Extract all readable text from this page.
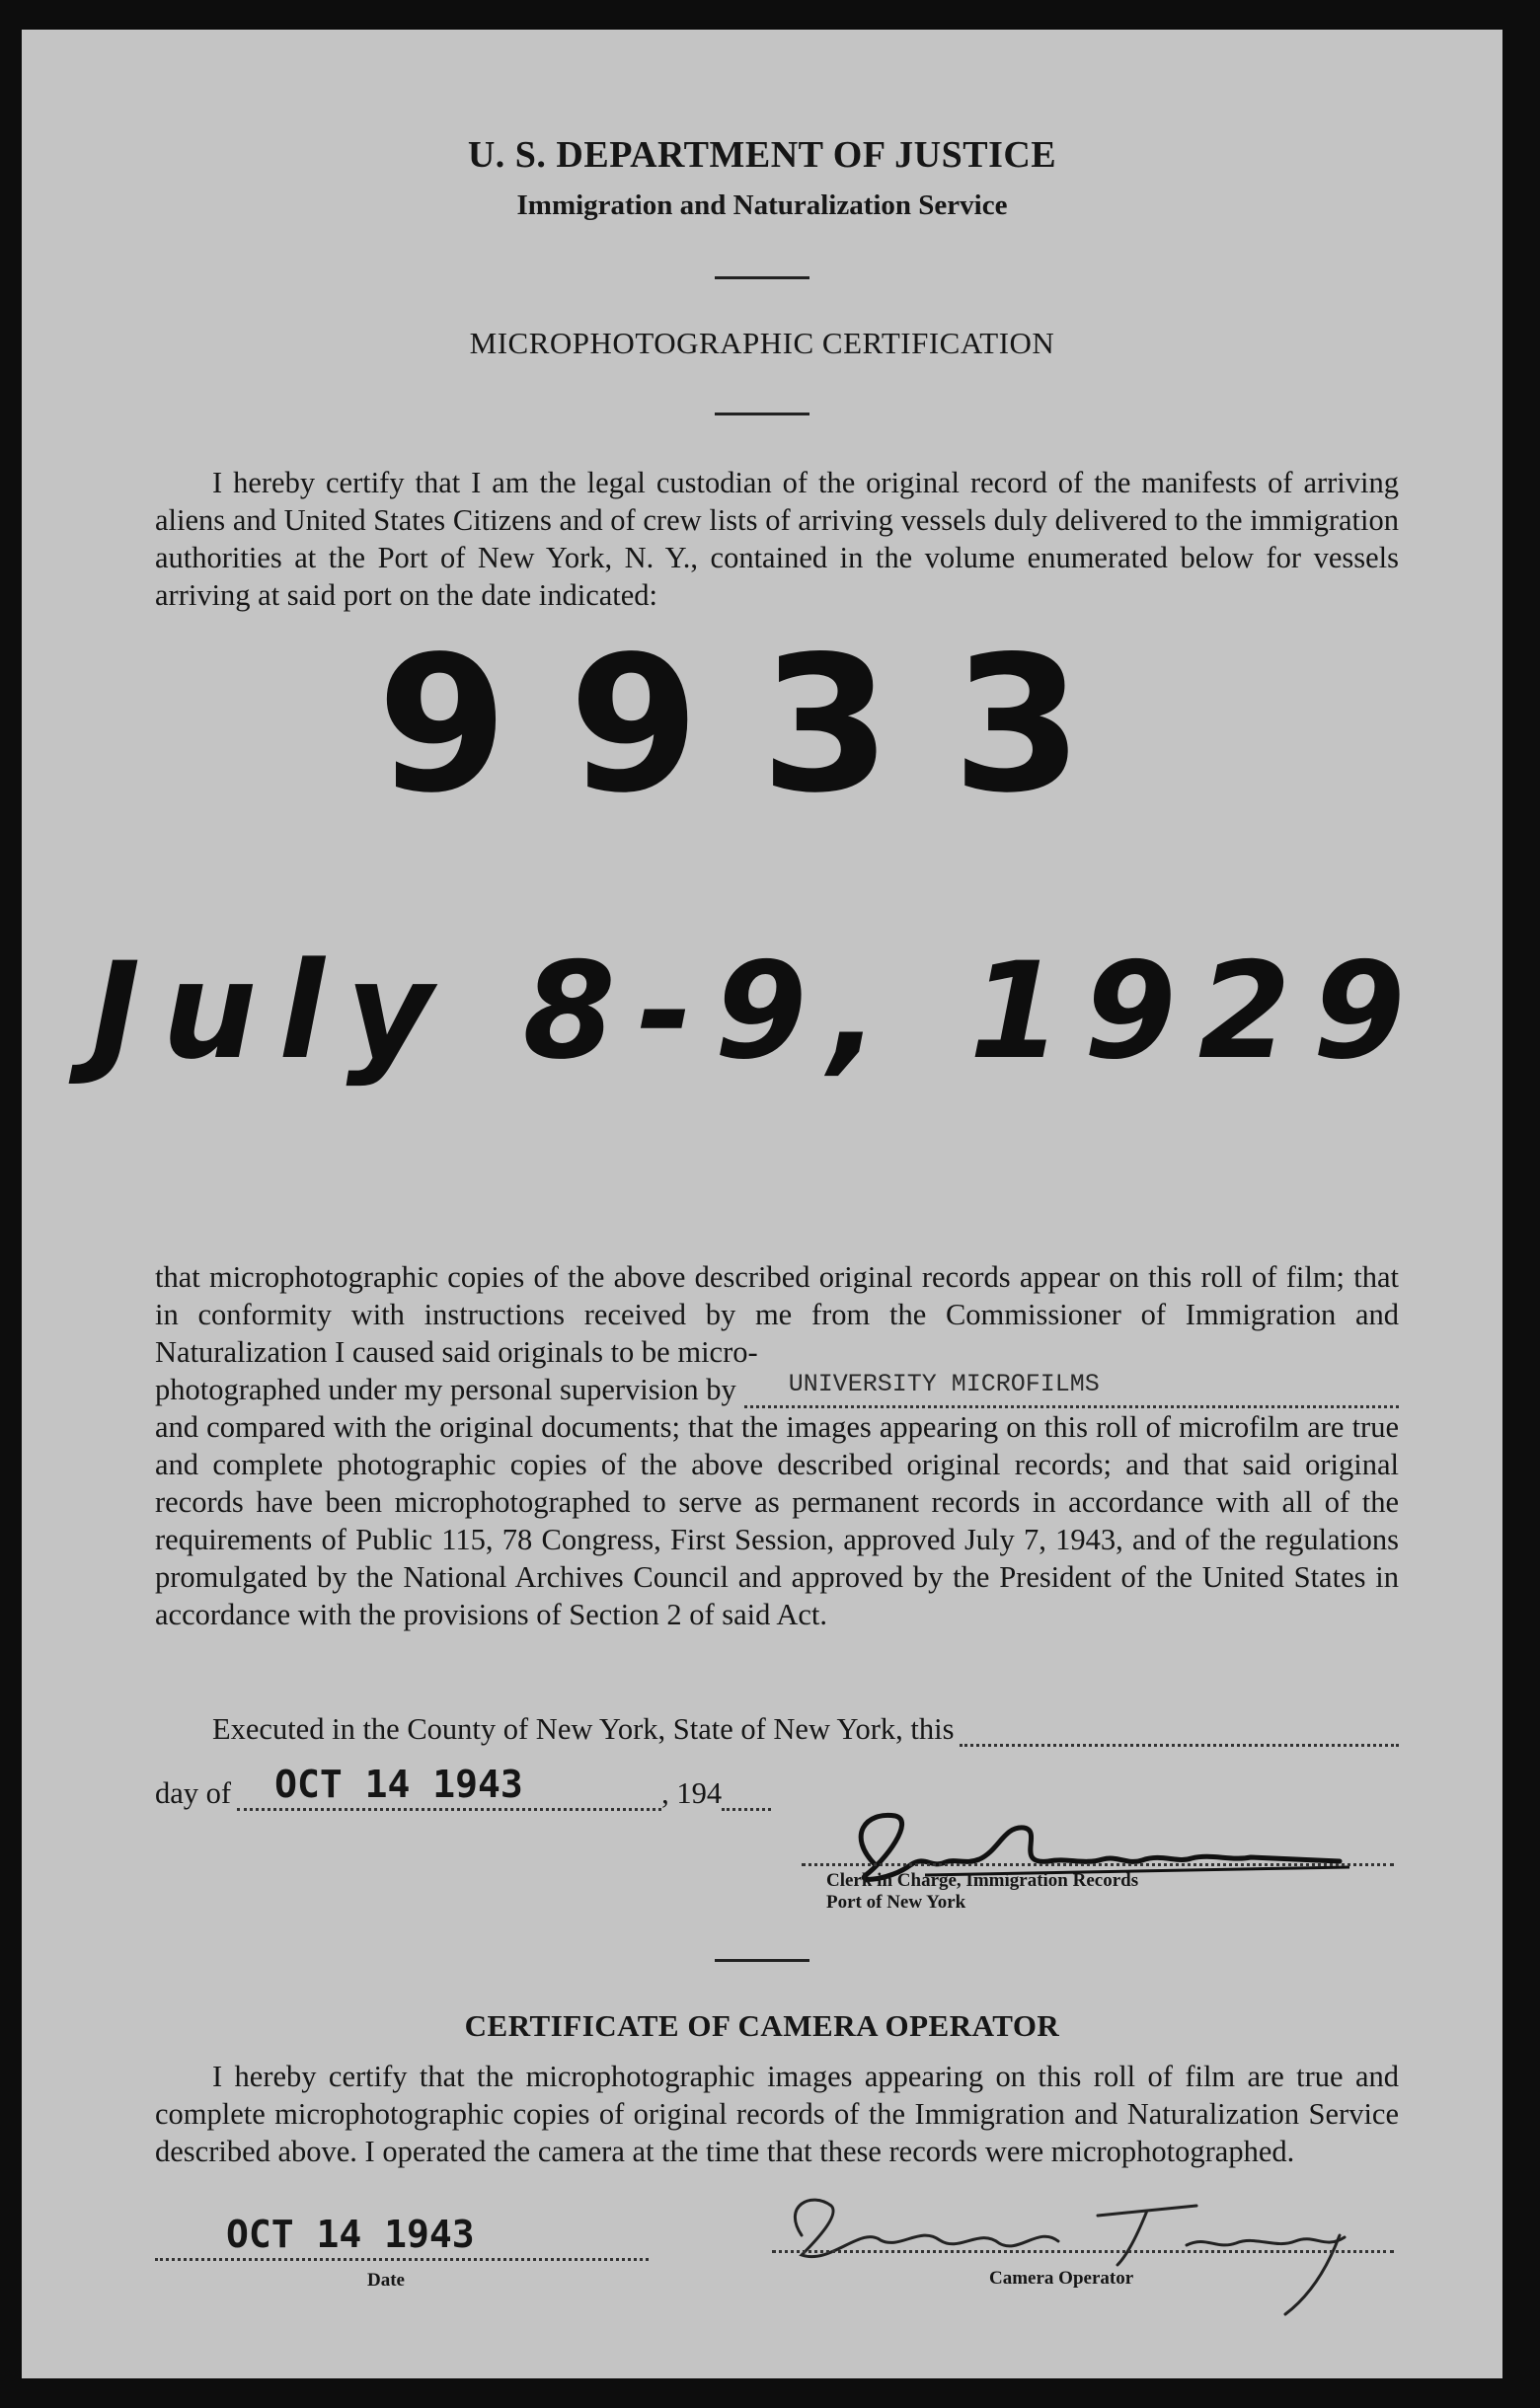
U. S. DEPARTMENT OF JUSTICE
Immigration and Naturalization Service
MICROPHOTOGRAPHIC CERTIFICATION
I hereby certify that I am the legal custodian of the original record of the manifests of arriving aliens and United States Citizens and of crew lists of arriving vessels duly delivered to the immigration authorities at the Port of New York, N. Y., contained in the volume enumerated below for vessels arriving at said port on the date indicated:
9933
July 8-9, 1929
that microphotographic copies of the above described original records appear on this roll of film; that in conformity with instructions received by me from the Commissioner of Immigration and Naturalization I caused said originals to be micro-
photographed under my personal supervision by UNIVERSITY MICROFILMS
and compared with the original documents; that the images appearing on this roll of microfilm are true and complete photographic copies of the above described original records; and that said original records have been microphotographed to serve as permanent records in accordance with all of the requirements of Public 115, 78 Congress, First Session, approved July 7, 1943, and of the regulations promulgated by the National Archives Council and approved by the President of the United States in accordance with the provisions of Section 2 of said Act.
Executed in the County of New York, State of New York, this
day of OCT 14 1943	, 194
Clerk in Charge, Immigration Records
Port of New York
CERTIFICATE OF CAMERA OPERATOR
I hereby certify that the microphotographic images appearing on this roll of film are true and complete microphotographic copies of original records of the Immigration and Naturalization Service described above. I operated the camera at the time that these records were microphotographed.
OCT 14 1943
Date	Camera Operator
